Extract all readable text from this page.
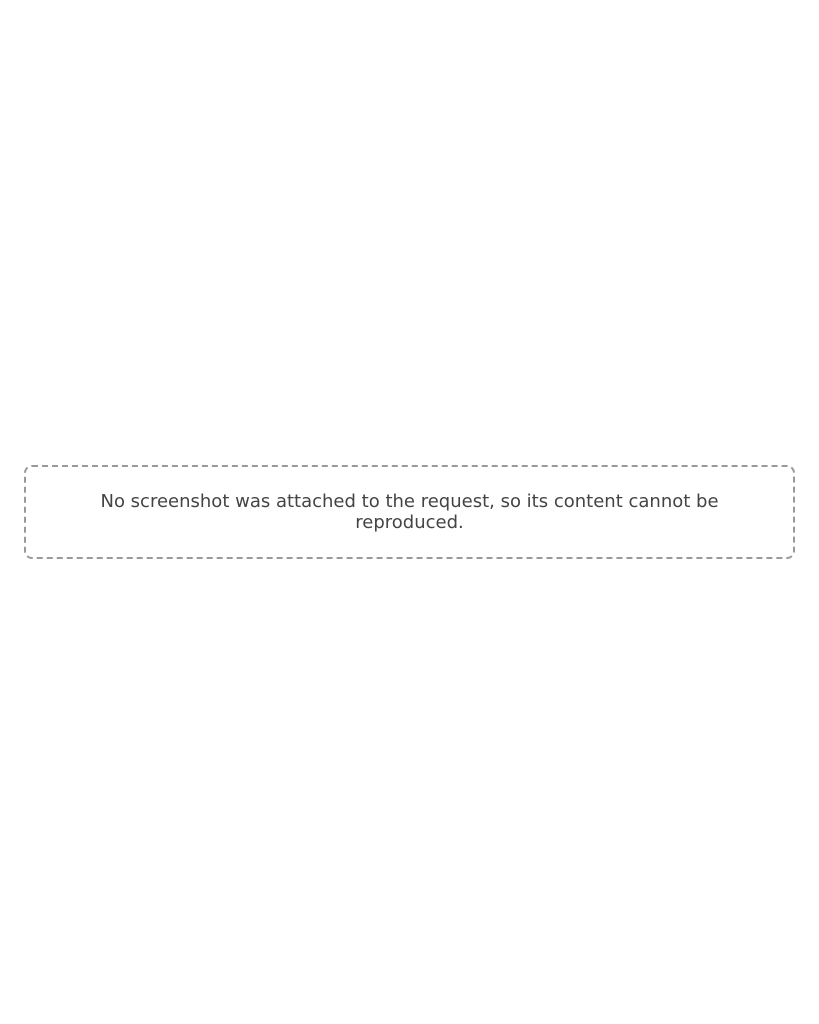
No screenshot was attached to the request, so its content cannot be reproduced.
